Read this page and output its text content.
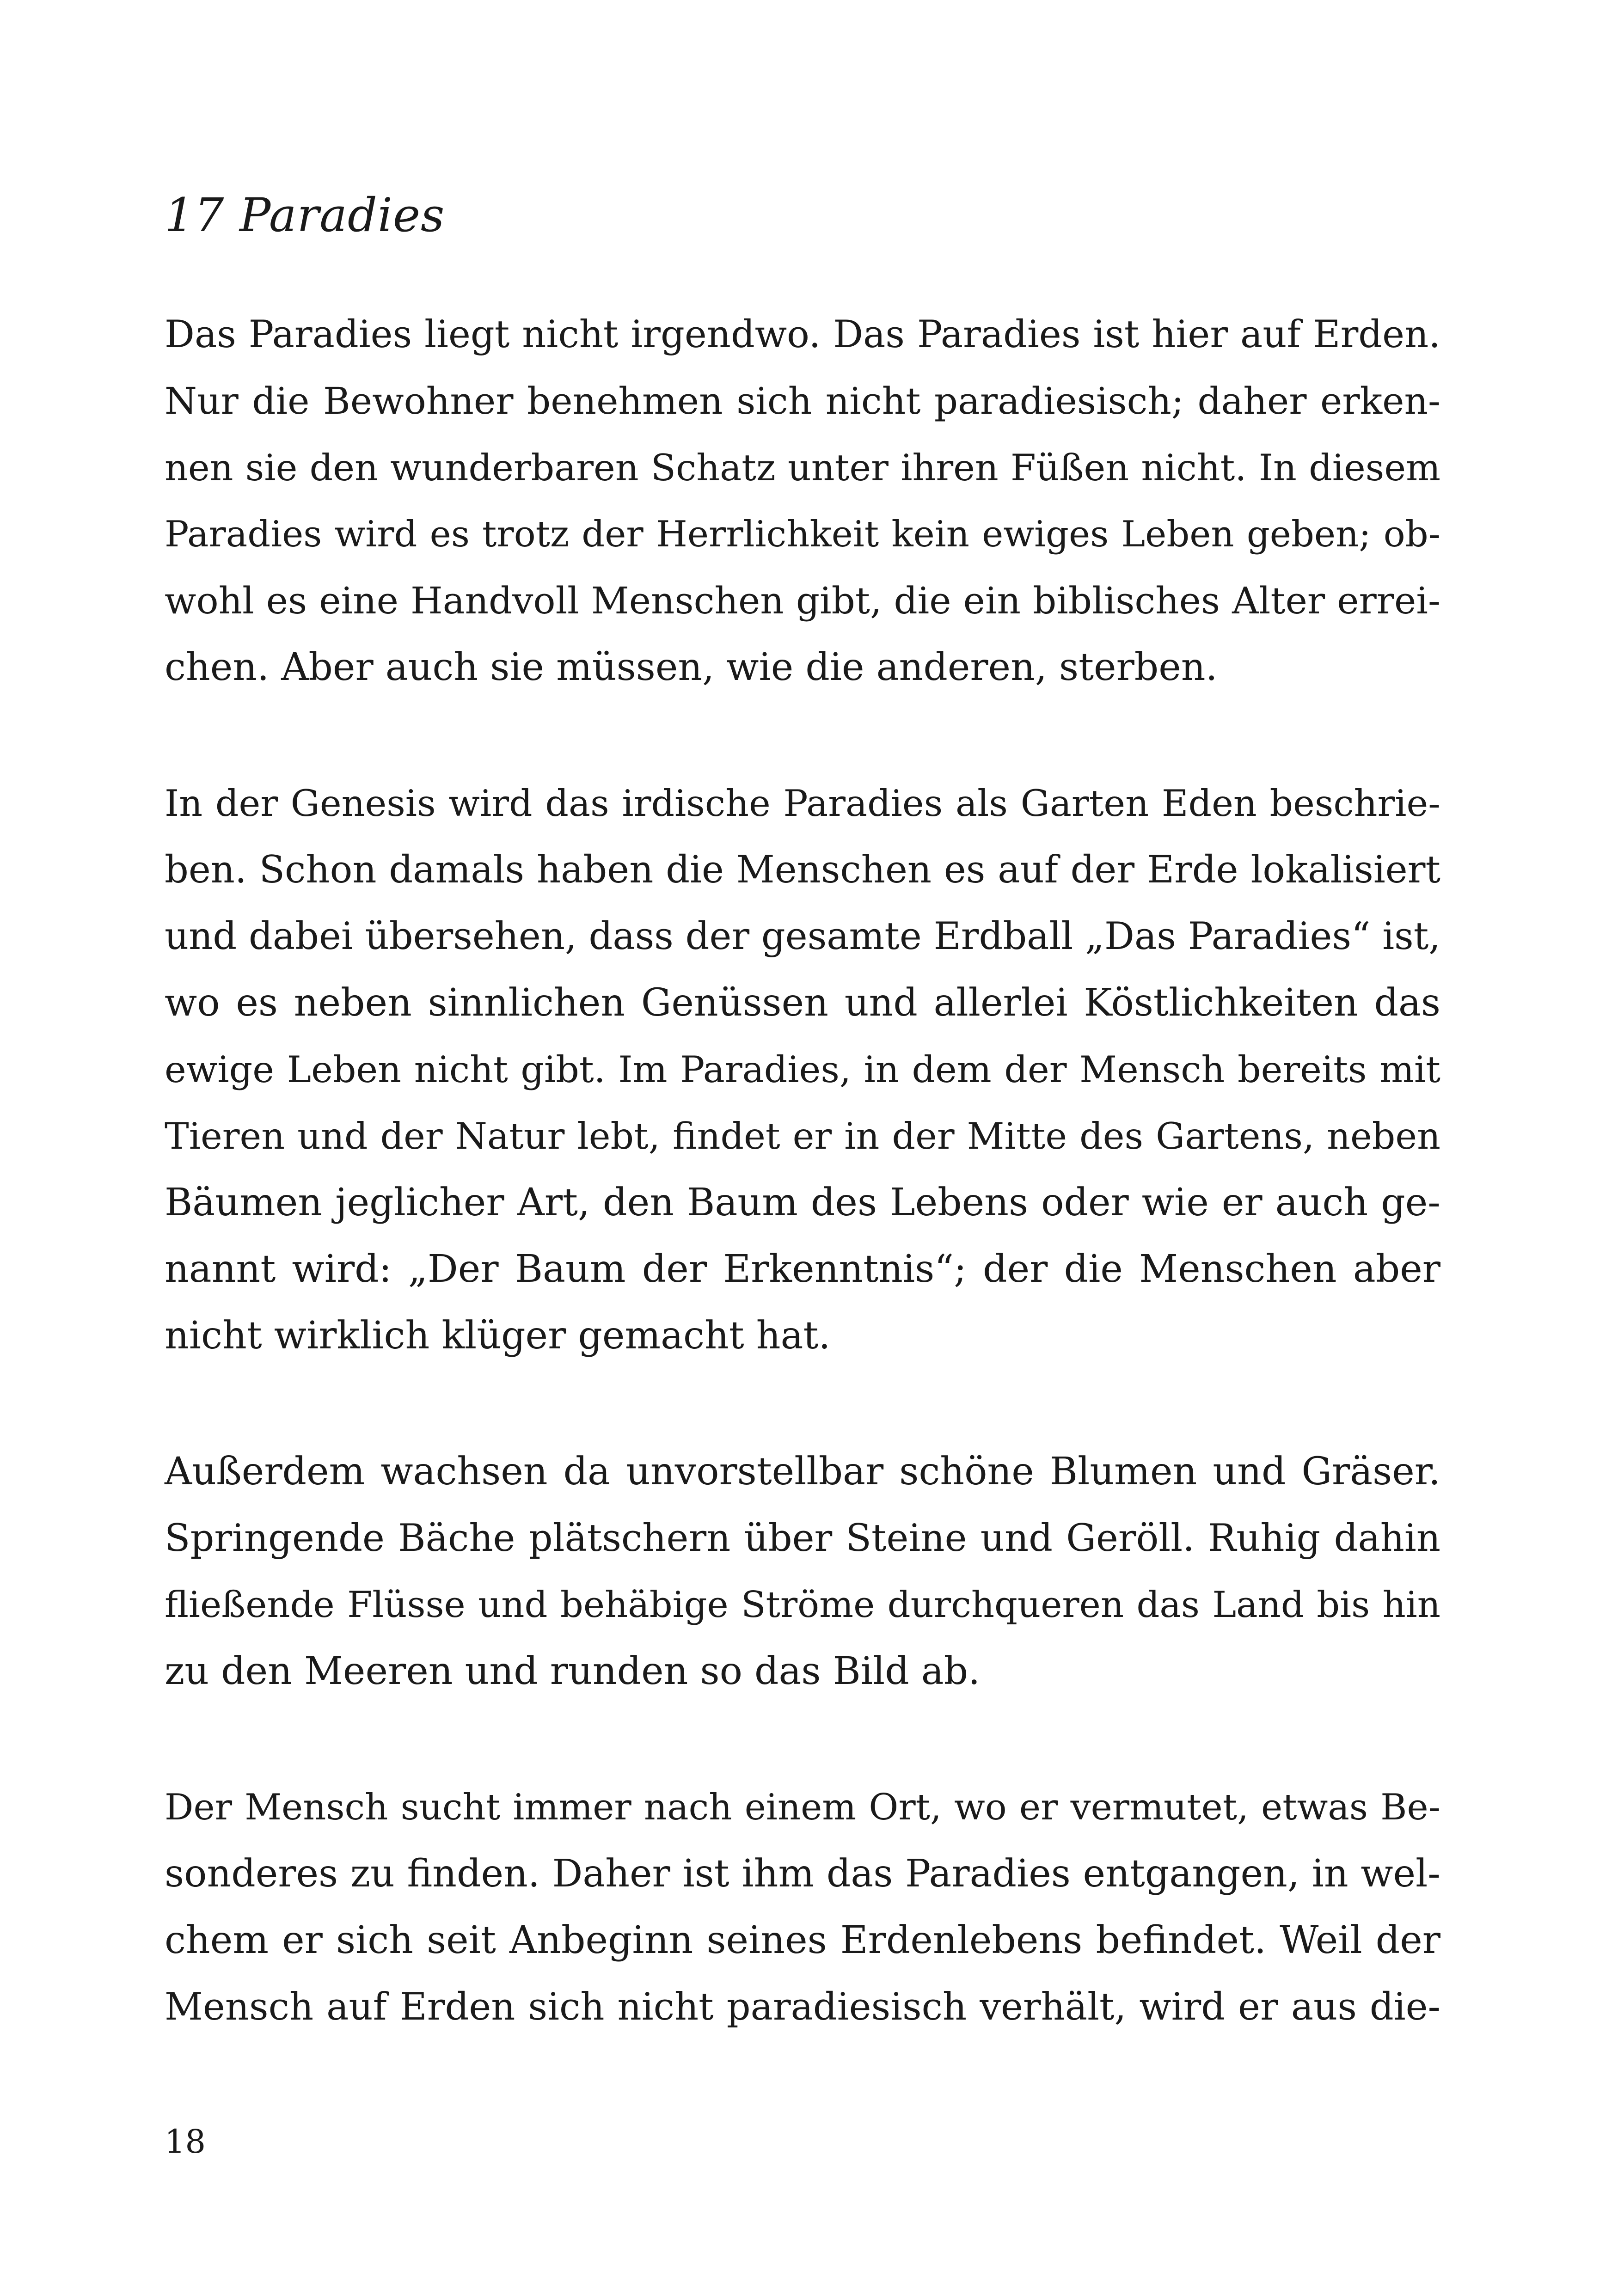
17 Paradies

Das Paradies liegt nicht irgendwo. Das Paradies ist hier auf Erden.
Nur die Bewohner benehmen sich nicht paradiesisch; daher erken-
nen sie den wunderbaren Schatz unter ihren Füßen nicht. In diesem
Paradies wird es trotz der Herrlichkeit kein ewiges Leben geben; ob-
wohl es eine Handvoll Menschen gibt, die ein biblisches Alter errei-
chen. Aber auch sie müssen, wie die anderen, sterben.

In der Genesis wird das irdische Paradies als Garten Eden beschrie-
ben. Schon damals haben die Menschen es auf der Erde lokalisiert
und dabei übersehen, dass der gesamte Erdball „Das Paradies“ ist,
wo es neben sinnlichen Genüssen und allerlei Köstlichkeiten das
ewige Leben nicht gibt. Im Paradies, in dem der Mensch bereits mit
Tieren und der Natur lebt, findet er in der Mitte des Gartens, neben
Bäumen jeglicher Art, den Baum des Lebens oder wie er auch ge-
nannt wird: „Der Baum der Erkenntnis“; der die Menschen aber
nicht wirklich klüger gemacht hat.

Außerdem wachsen da unvorstellbar schöne Blumen und Gräser.
Springende Bäche plätschern über Steine und Geröll. Ruhig dahin
fließende Flüsse und behäbige Ströme durchqueren das Land bis hin
zu den Meeren und runden so das Bild ab.

Der Mensch sucht immer nach einem Ort, wo er vermutet, etwas Be-
sonderes zu finden. Daher ist ihm das Paradies entgangen, in wel-
chem er sich seit Anbeginn seines Erdenlebens befindet. Weil der
Mensch auf Erden sich nicht paradiesisch verhält, wird er aus die-

18
